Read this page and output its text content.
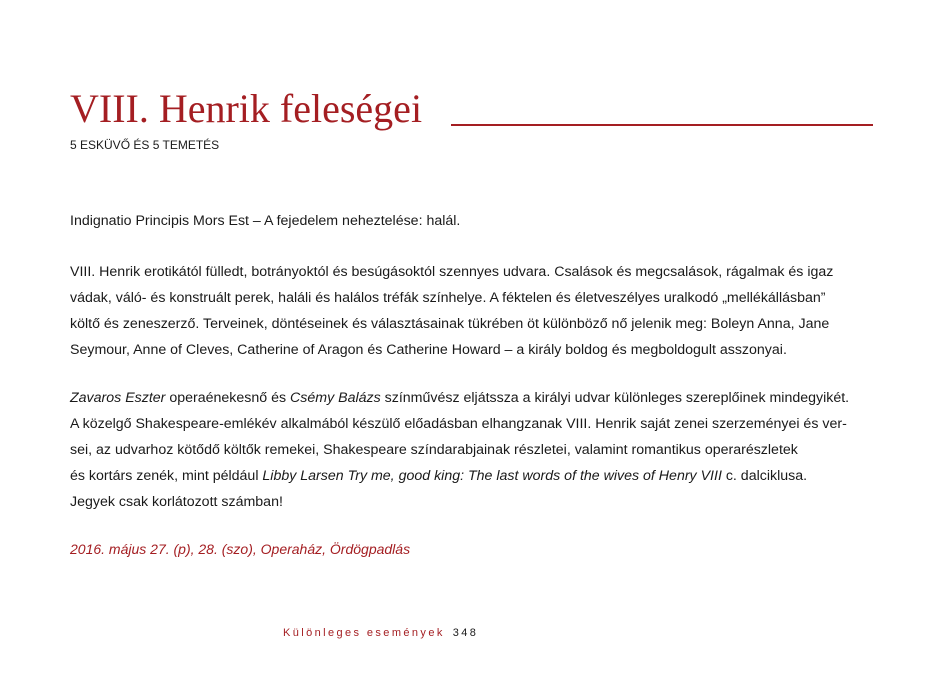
VIII. Henrik feleségei
5 ESKÜVŐ ÉS 5 TEMETÉS
Indignatio Principis Mors Est – A fejedelem neheztelése: halál.
VIII. Henrik erotikától fülledt, botrányoktól és besúgásoktól szennyes udvara. Csalások és megcsalások, rágalmak és igaz
vádak, váló- és konstruált perek, haláli és halálos tréfák színhelye. A féktelen és életveszélyes uralkodó „mellékállásban”
költő és zeneszerző. Terveinek, döntéseinek és választásainak tükrében öt különböző nő jelenik meg: Boleyn Anna, Jane
Seymour, Anne of Cleves, Catherine of Aragon és Catherine Howard – a király boldog és megboldogult asszonyai.
Zavaros Eszter operaénekesnő és Csémy Balázs színművész eljátssza a királyi udvar különleges szereplőinek mindegyikét.
A közelgő Shakespeare-emlékév alkalmából készülő előadásban elhangzanak VIII. Henrik saját zenei szerzeményei és ver-
sei, az udvarhoz kötődő költők remekei, Shakespeare színdarabjainak részletei, valamint romantikus operarészletek
és kortárs zenék, mint például Libby Larsen Try me, good king: The last words of the wives of Henry VIII c. dalciklusa.
Jegyek csak korlátozott számban!
2016. május 27. (p), 28. (szo), Operaház, Ördögpadlás
Különleges események 348
